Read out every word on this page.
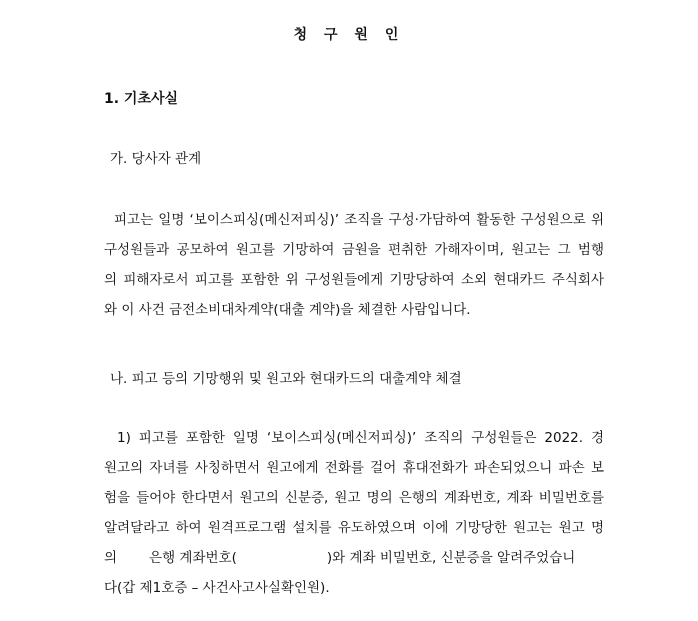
청 구 원 인
1. 기초사실
가. 당사자 관계
피고는 일명 ‘보이스피싱(메신저피싱)’ 조직을 구성·가담하여 활동한 구성원으로 위
구성원들과 공모하여 원고를 기망하여 금원을 편취한 가해자이며, 원고는 그 범행
의 피해자로서 피고를 포함한 위 구성원들에게 기망당하여 소외 현대카드 주식회사
와 이 사건 금전소비대차계약(대출 계약)을 체결한 사람입니다.
나. 피고 등의 기망행위 및 원고와 현대카드의 대출계약 체결
1) 피고를 포함한 일명 ‘보이스피싱(메신저피싱)’ 조직의 구성원들은 2022. 경
원고의 자녀를 사칭하면서 원고에게 전화를 걸어 휴대전화가 파손되었으니 파손 보
험을 들어야 한다면서 원고의 신분증, 원고 명의 은행의 계좌번호, 계좌 비밀번호를
알려달라고 하여 원격프로그램 설치를 유도하였으며 이에 기망당한 원고는 원고 명
의 은행 계좌번호(	)와 계좌 비밀번호, 신분증을 알려주었습니
다(갑 제1호증 – 사건사고사실확인원).
